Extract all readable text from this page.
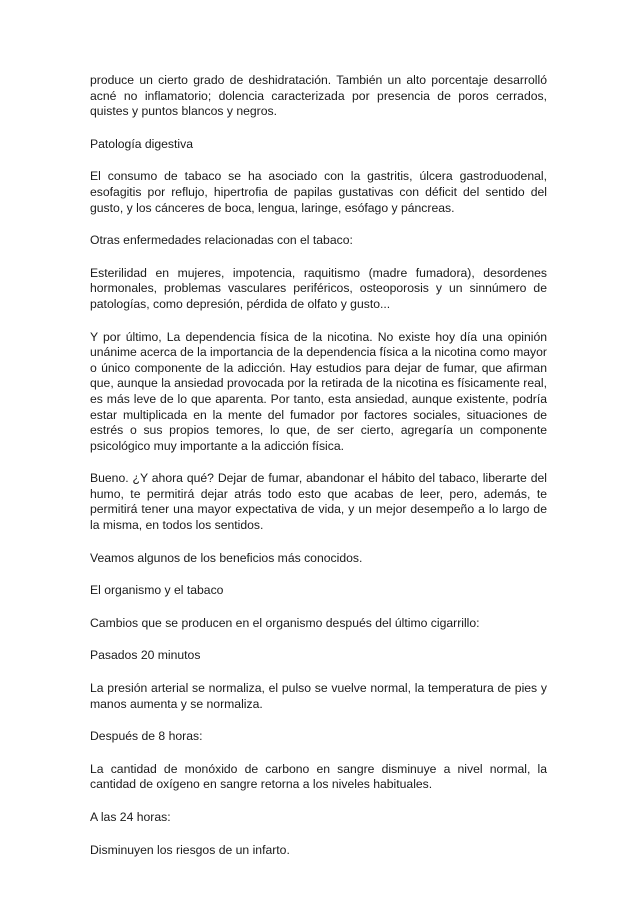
produce un cierto grado de deshidratación. También un alto porcentaje desarrolló acné no inflamatorio; dolencia caracterizada por presencia de poros cerrados, quistes y puntos blancos y negros.

Patología digestiva

El consumo de tabaco se ha asociado con la gastritis, úlcera gastroduodenal, esofagitis por reflujo, hipertrofia de papilas gustativas con déficit del sentido del gusto, y los cánceres de boca, lengua, laringe, esófago y páncreas.

Otras enfermedades relacionadas con el tabaco:

Esterilidad en mujeres, impotencia, raquitismo (madre fumadora), desordenes hormonales, problemas vasculares periféricos, osteoporosis y un sinnúmero de patologías, como depresión, pérdida de olfato y gusto...

Y por último, La dependencia física de la nicotina. No existe hoy día una opinión unánime acerca de la importancia de la dependencia física a la nicotina como mayor o único componente de la adicción. Hay estudios para dejar de fumar, que afirman que, aunque la ansiedad provocada por la retirada de la nicotina es físicamente real, es más leve de lo que aparenta. Por tanto, esta ansiedad, aunque existente, podría estar multiplicada en la mente del fumador por factores sociales, situaciones de estrés o sus propios temores, lo que, de ser cierto, agregaría un componente psicológico muy importante a la adicción física.

Bueno. ¿Y ahora qué? Dejar de fumar, abandonar el hábito del tabaco, liberarte del humo, te permitirá dejar atrás todo esto que acabas de leer, pero, además, te permitirá tener una mayor expectativa de vida, y un mejor desempeño a lo largo de la misma, en todos los sentidos.

Veamos algunos de los beneficios más conocidos.

El organismo y el tabaco

Cambios que se producen en el organismo después del último cigarrillo:

Pasados 20 minutos

La presión arterial se normaliza, el pulso se vuelve normal, la temperatura de pies y manos aumenta y se normaliza.

Después de 8 horas:

La cantidad de monóxido de carbono en sangre disminuye a nivel normal, la cantidad de oxígeno en sangre retorna a los niveles habituales.

A las 24 horas:

Disminuyen los riesgos de un infarto.
